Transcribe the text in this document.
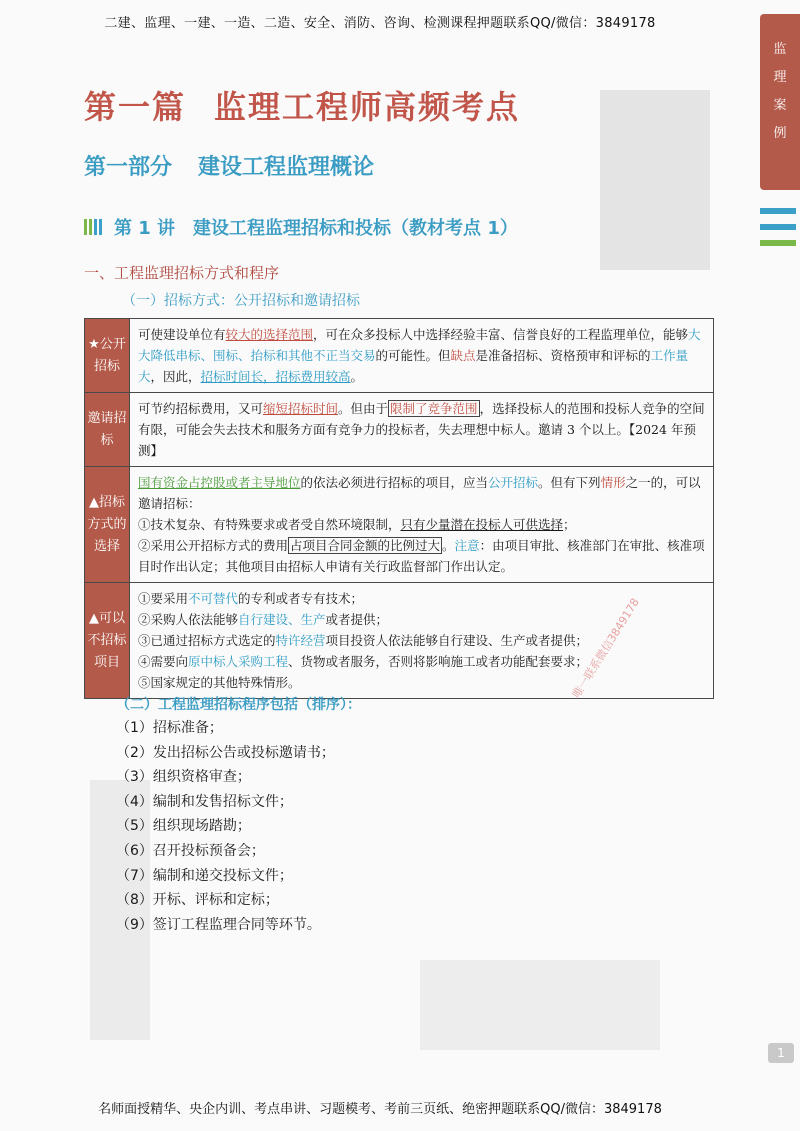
二建、监理、一建、一造、二造、安全、消防、咨询、检测课程押题联系QQ/微信：3849178
监
理
案
例
第一篇 监理工程师高频考点
第一部分 建设工程监理概论
第 1 讲　建设工程监理招标和投标（教材考点 1）
一、工程监理招标方式和程序
（一）招标方式：公开招标和邀请招标
★公开招标	可使建设单位有较大的选择范围，可在众多投标人中选择经验丰富、信誉良好的工程监理单位，能够大大降低串标、围标、抬标和其他不正当交易的可能性。但缺点是准备招标、资格预审和评标的工作量大，因此，招标时间长，招标费用较高。
邀请招标	可节约招标费用，又可缩短招标时间。但由于 限制了竞争范围 ，选择投标人的范围和投标人竞争的空间有限，可能会失去技术和服务方面有竞争力的投标者，失去理想中标人。邀请 3 个以上。【2024 年预测】
▲招标方式的选择	国有资金占控股或者主导地位的依法必须进行招标的项目，应当公开招标。但有下列情形之一的，可以邀请招标：
①技术复杂、有特殊要求或者受自然环境限制，只有少量潜在投标人可供选择；
②采用公开招标方式的费用 占项目合同金额的比例过大 。注意：由项目审批、核准部门在审批、核准项目时作出认定；其他项目由招标人申请有关行政监督部门作出认定。
▲可以不招标项目	①要采用不可替代的专利或者专有技术；
②采购人依法能够自行建设、生产或者提供；
③已通过招标方式选定的特许经营项目投资人依法能够自行建设、生产或者提供；
④需要向原中标人采购工程、货物或者服务，否则将影响施工或者功能配套要求；
⑤国家规定的其他特殊情形。	唯一联系微信3849178
（二）工程监理招标程序包括（排序）：
（1）招标准备；
（2）发出招标公告或投标邀请书；
（3）组织资格审查；
（4）编制和发售招标文件；
（5）组织现场踏勘；
（6）召开投标预备会；
（7）编制和递交投标文件；
（8）开标、评标和定标；
（9）签订工程监理合同等环节。
1
名师面授精华、央企内训、考点串讲、习题模考、考前三页纸、绝密押题联系QQ/微信：3849178
